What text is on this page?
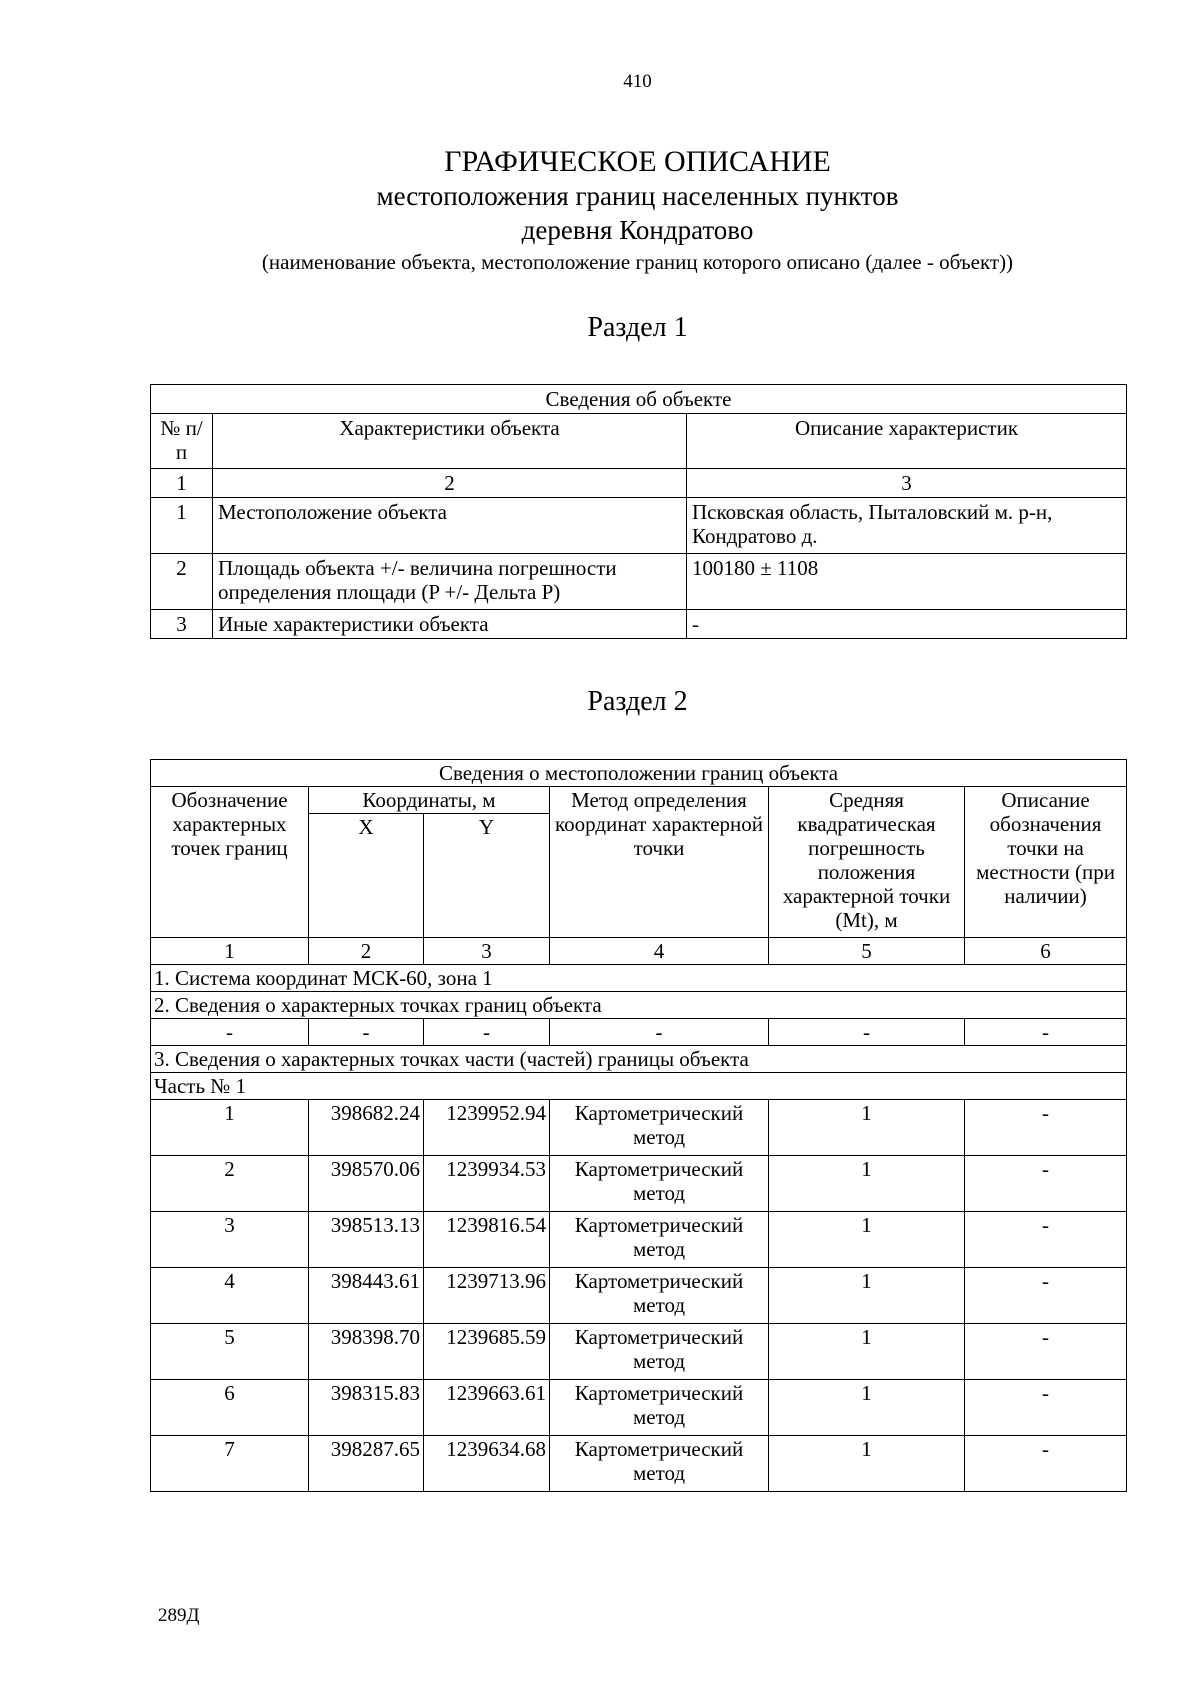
410
ГРАФИЧЕСКОЕ ОПИСАНИЕ
местоположения границ населенных пунктов
деревня Кондратово
(наименование объекта, местоположение границ которого описано (далее - объект))
Раздел 1
Сведения об объекте		
№ п/п	Характеристики объекта	Описание характеристик
1	2	3
1	Местоположение объекта	Псковская область, Пыталовский м. р-н, Кондратово д.
2	Площадь объекта +/- величина погрешности определения площади (P +/- Дельта P)	100180 ± 1108
3	Иные характеристики объекта	-
Раздел 2
Сведения о местоположении границ объекта					
Обозначение характерных точек границ	Координаты, м		Метод определения координат характерной точки	Средняя квадратическая погрешность положения характерной точки (Mt), м	Описание обозначения точки на местности (при наличии)
	X	Y			
1	2	3	4	5	6
1. Система координат МСК-60, зона 1					
2. Сведения о характерных точках границ объекта					
-	-	-	-	-	-
3. Сведения о характерных точках части (частей) границы объекта					
Часть № 1					
1	398682.24	1239952.94	Картометрический метод	1	-
2	398570.06	1239934.53	Картометрический метод	1	-
3	398513.13	1239816.54	Картометрический метод	1	-
4	398443.61	1239713.96	Картометрический метод	1	-
5	398398.70	1239685.59	Картометрический метод	1	-
6	398315.83	1239663.61	Картометрический метод	1	-
7	398287.65	1239634.68	Картометрический метод	1	-
289Д
